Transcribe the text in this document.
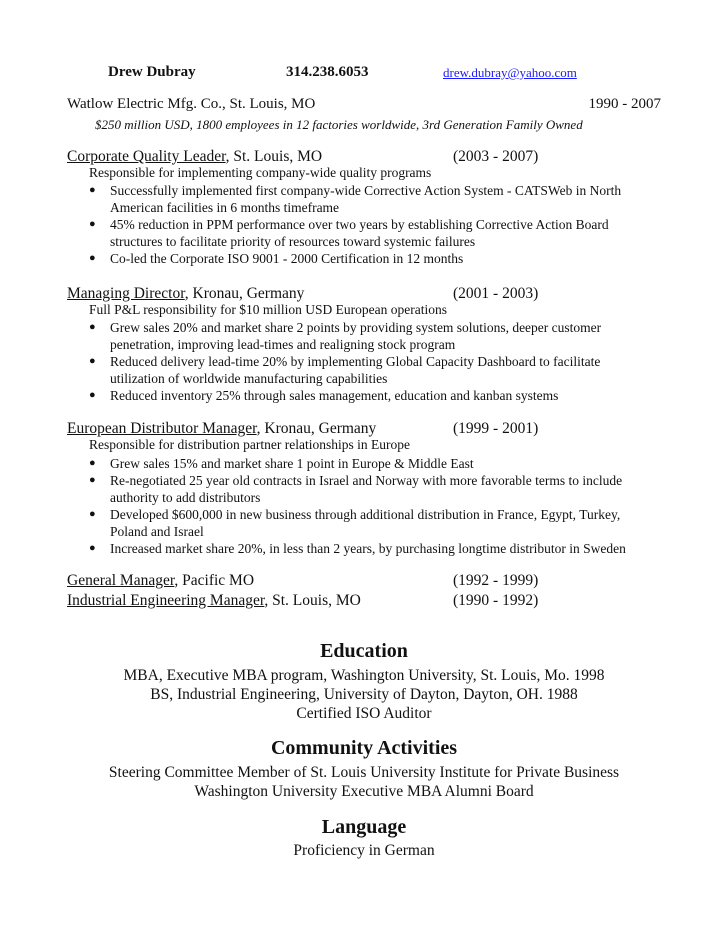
Drew Dubray	314.238.6053	drew.dubray@yahoo.com
Watlow Electric Mfg. Co., St. Louis, MO	1990 - 2007
$250 million USD, 1800 employees in 12 factories worldwide, 3rd Generation Family Owned
Corporate Quality Leader, St. Louis, MO	(2003 - 2007)
Responsible for implementing company-wide quality programs
● Successfully implemented first company-wide Corrective Action System - CATSWeb in North
American facilities in 6 months timeframe
● 45% reduction in PPM performance over two years by establishing Corrective Action Board
structures to facilitate priority of resources toward systemic failures
● Co-led the Corporate ISO 9001 - 2000 Certification in 12 months
Managing Director, Kronau, Germany	(2001 - 2003)
Full P&L responsibility for $10 million USD European operations
● Grew sales 20% and market share 2 points by providing system solutions, deeper customer
penetration, improving lead-times and realigning stock program
● Reduced delivery lead-time 20% by implementing Global Capacity Dashboard to facilitate
utilization of worldwide manufacturing capabilities
● Reduced inventory 25% through sales management, education and kanban systems
European Distributor Manager, Kronau, Germany	(1999 - 2001)
Responsible for distribution partner relationships in Europe
● Grew sales 15% and market share 1 point in Europe & Middle East
● Re-negotiated 25 year old contracts in Israel and Norway with more favorable terms to include
authority to add distributors
● Developed $600,000 in new business through additional distribution in France, Egypt, Turkey,
Poland and Israel
● Increased market share 20%, in less than 2 years, by purchasing longtime distributor in Sweden
General Manager, Pacific MO	(1992 - 1999)
Industrial Engineering Manager, St. Louis, MO	(1990 - 1992)
Education
MBA, Executive MBA program, Washington University, St. Louis, Mo. 1998
BS, Industrial Engineering, University of Dayton, Dayton, OH. 1988
Certified ISO Auditor
Community Activities
Steering Committee Member of St. Louis University Institute for Private Business
Washington University Executive MBA Alumni Board
Language
Proficiency in German
